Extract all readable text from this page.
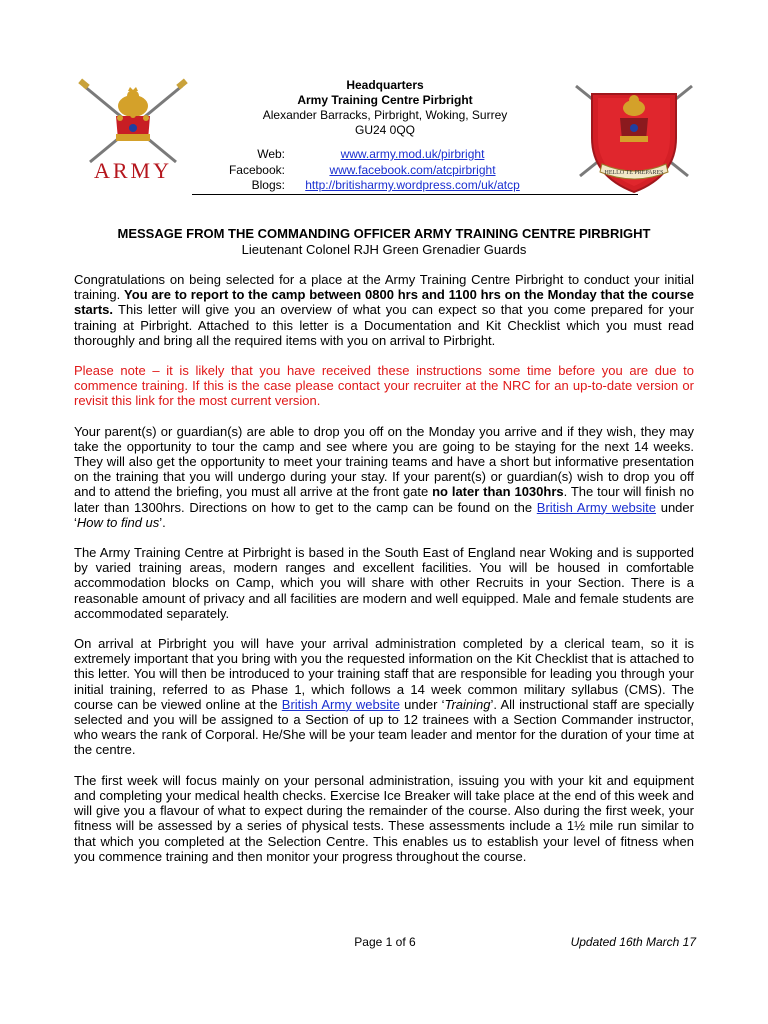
ARMY	HELLO TE PREPARES
Headquarters
Army Training Centre Pirbright
Alexander Barracks, Pirbright, Woking, Surrey
GU24 0QQ
Web:	www.army.mod.uk/pirbright
Facebook:	www.facebook.com/atcpirbright
Blogs:	http://britisharmy.wordpress.com/uk/atcp
MESSAGE FROM THE COMMANDING OFFICER ARMY TRAINING CENTRE PIRBRIGHT
Lieutenant Colonel RJH Green Grenadier Guards

Congratulations on being selected for a place at the Army Training Centre Pirbright to conduct your initial training. You are to report to the camp between 0800 hrs and 1100 hrs on the Monday that the course starts. This letter will give you an overview of what you can expect so that you come prepared for your training at Pirbright. Attached to this letter is a Documentation and Kit Checklist which you must read thoroughly and bring all the required items with you on arrival to Pirbright.

Please note – it is likely that you have received these instructions some time before you are due to commence training. If this is the case please contact your recruiter at the NRC for an up-to-date version or revisit this link for the most current version.

Your parent(s) or guardian(s) are able to drop you off on the Monday you arrive and if they wish, they may take the opportunity to tour the camp and see where you are going to be staying for the next 14 weeks. They will also get the opportunity to meet your training teams and have a short but informative presentation on the training that you will undergo during your stay. If your parent(s) or guardian(s) wish to drop you off and to attend the briefing, you must all arrive at the front gate no later than 1030hrs. The tour will finish no later than 1300hrs. Directions on how to get to the camp can be found on the British Army website under ‘How to find us’.

The Army Training Centre at Pirbright is based in the South East of England near Woking and is supported by varied training areas, modern ranges and excellent facilities. You will be housed in comfortable accommodation blocks on Camp, which you will share with other Recruits in your Section. There is a reasonable amount of privacy and all facilities are modern and well equipped. Male and female students are accommodated separately.

On arrival at Pirbright you will have your arrival administration completed by a clerical team, so it is extremely important that you bring with you the requested information on the Kit Checklist that is attached to this letter. You will then be introduced to your training staff that are responsible for leading you through your initial training, referred to as Phase 1, which follows a 14 week common military syllabus (CMS). The course can be viewed online at the British Army website under ‘Training’. All instructional staff are specially selected and you will be assigned to a Section of up to 12 trainees with a Section Commander instructor, who wears the rank of Corporal. He/She will be your team leader and mentor for the duration of your time at the centre.

The first week will focus mainly on your personal administration, issuing you with your kit and equipment and completing your medical health checks. Exercise Ice Breaker will take place at the end of this week and will give you a flavour of what to expect during the remainder of the course. Also during the first week, your fitness will be assessed by a series of physical tests. These assessments include a 1½ mile run similar to that which you completed at the Selection Centre. This enables us to establish your level of fitness when you commence training and then monitor your progress throughout the course.

Page 1 of 6	Updated 16th March 17
